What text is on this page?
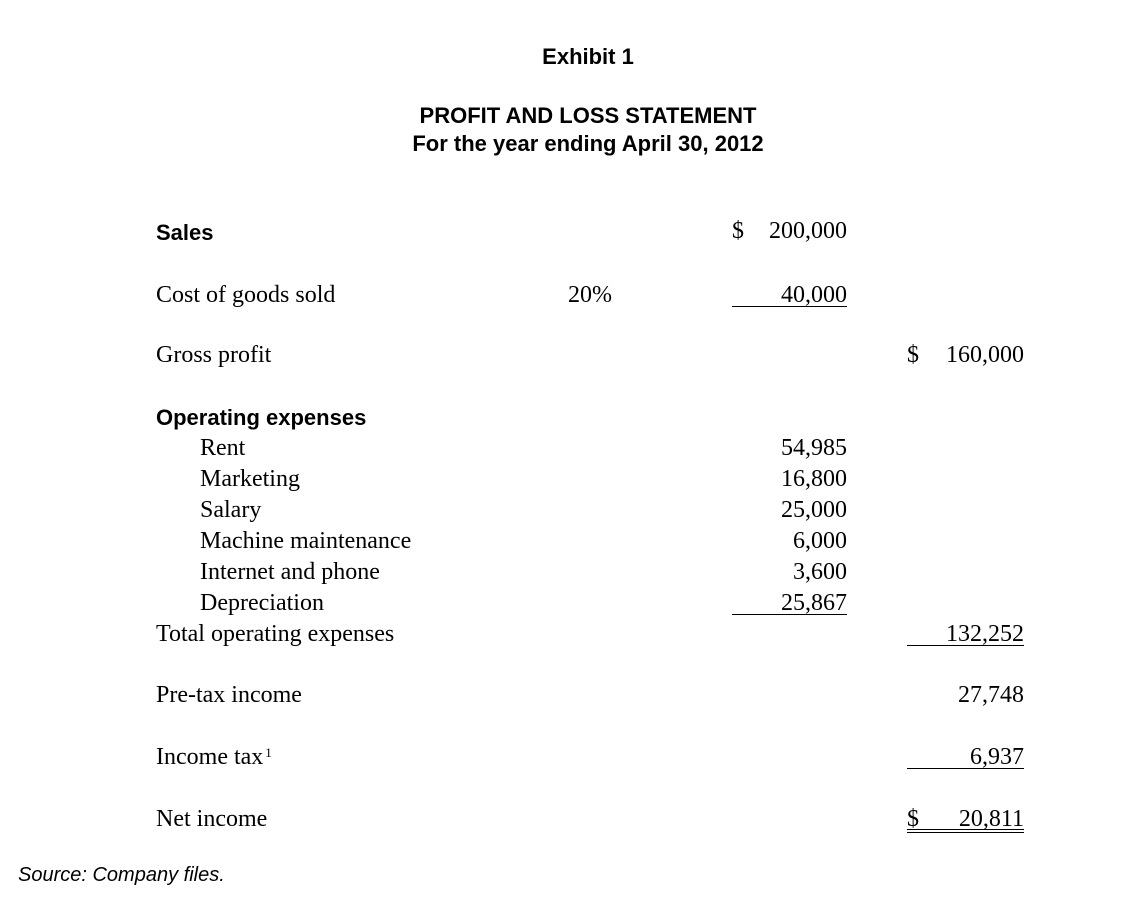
Exhibit 1
PROFIT AND LOSS STATEMENT
For the year ending April 30, 2012
Sales	$ 200,000
Cost of goods sold	20%	40,000
Gross profit	$ 160,000
Operating expenses
Rent	54,985
Marketing	16,800
Salary	25,000
Machine maintenance	6,000
Internet and phone	3,600
Depreciation	25,867
Total operating expenses	132,252
Pre-tax income	27,748
Income tax $^1$	6,937
Net income	$ 20,811
Source: Company files.
